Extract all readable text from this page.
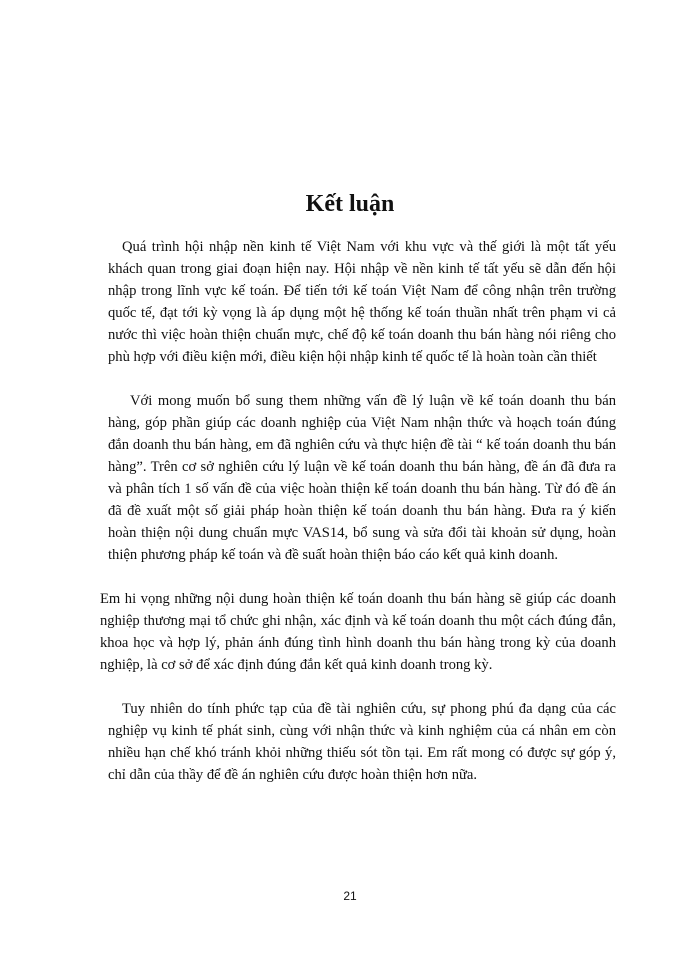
Kết luận

Quá trình hội nhập nền kinh tế Việt Nam với khu vực và thế giới là một tất yếu khách quan trong giai đoạn hiện nay. Hội nhập về nền kinh tế tất yếu sẽ dẫn đến hội nhập trong lĩnh vực kế toán. Để tiến tới kế toán Việt Nam để công nhận trên trường quốc tế, đạt tới kỳ vọng là áp dụng một hệ thống kế toán thuần nhất trên phạm vi cả nước thì việc hoàn thiện chuẩn mực, chế độ kế toán doanh thu bán hàng nói riêng cho phù hợp với điều kiện mới, điều kiện hội nhập kinh tế quốc tế là hoàn toàn cần thiết

Với mong muốn bổ sung them những vấn đề lý luận về kế toán doanh thu bán hàng, góp phần giúp các doanh nghiệp của Việt Nam nhận thức và hoạch toán đúng đắn doanh thu bán hàng, em đã nghiên cứu và thực hiện đề tài “ kế toán doanh thu bán hàng”. Trên cơ sở nghiên cứu lý luận về kế toán doanh thu bán hàng, đề án đã đưa ra và phân tích 1 số vấn đề của việc hoàn thiện kế toán doanh thu bán hàng. Từ đó đề án đã đề xuất một số giải pháp hoàn thiện kế toán doanh thu bán hàng. Đưa ra ý kiến hoàn thiện nội dung chuẩn mực VAS14, bổ sung và sửa đổi tài khoản sử dụng, hoàn thiện phương pháp kế toán và đề suất hoàn thiện báo cáo kết quả kinh doanh.

Em hi vọng những nội dung hoàn thiện kế toán doanh thu bán hàng sẽ giúp các doanh nghiệp thương mại tổ chức ghi nhận, xác định và kế toán doanh thu một cách đúng đắn, khoa học và hợp lý, phản ánh đúng tình hình doanh thu bán hàng trong kỳ của doanh nghiệp, là cơ sở để xác định đúng đắn kết quả kinh doanh trong kỳ.

Tuy nhiên do tính phức tạp của đề tài nghiên cứu, sự phong phú đa dạng của các nghiệp vụ kinh tế phát sinh, cùng với nhận thức và kinh nghiệm của cá nhân em còn nhiều hạn chế khó tránh khỏi những thiếu sót tồn tại. Em rất mong có được sự góp ý, chỉ dẫn của thầy để đề án nghiên cứu được hoàn thiện hơn nữa.

21
